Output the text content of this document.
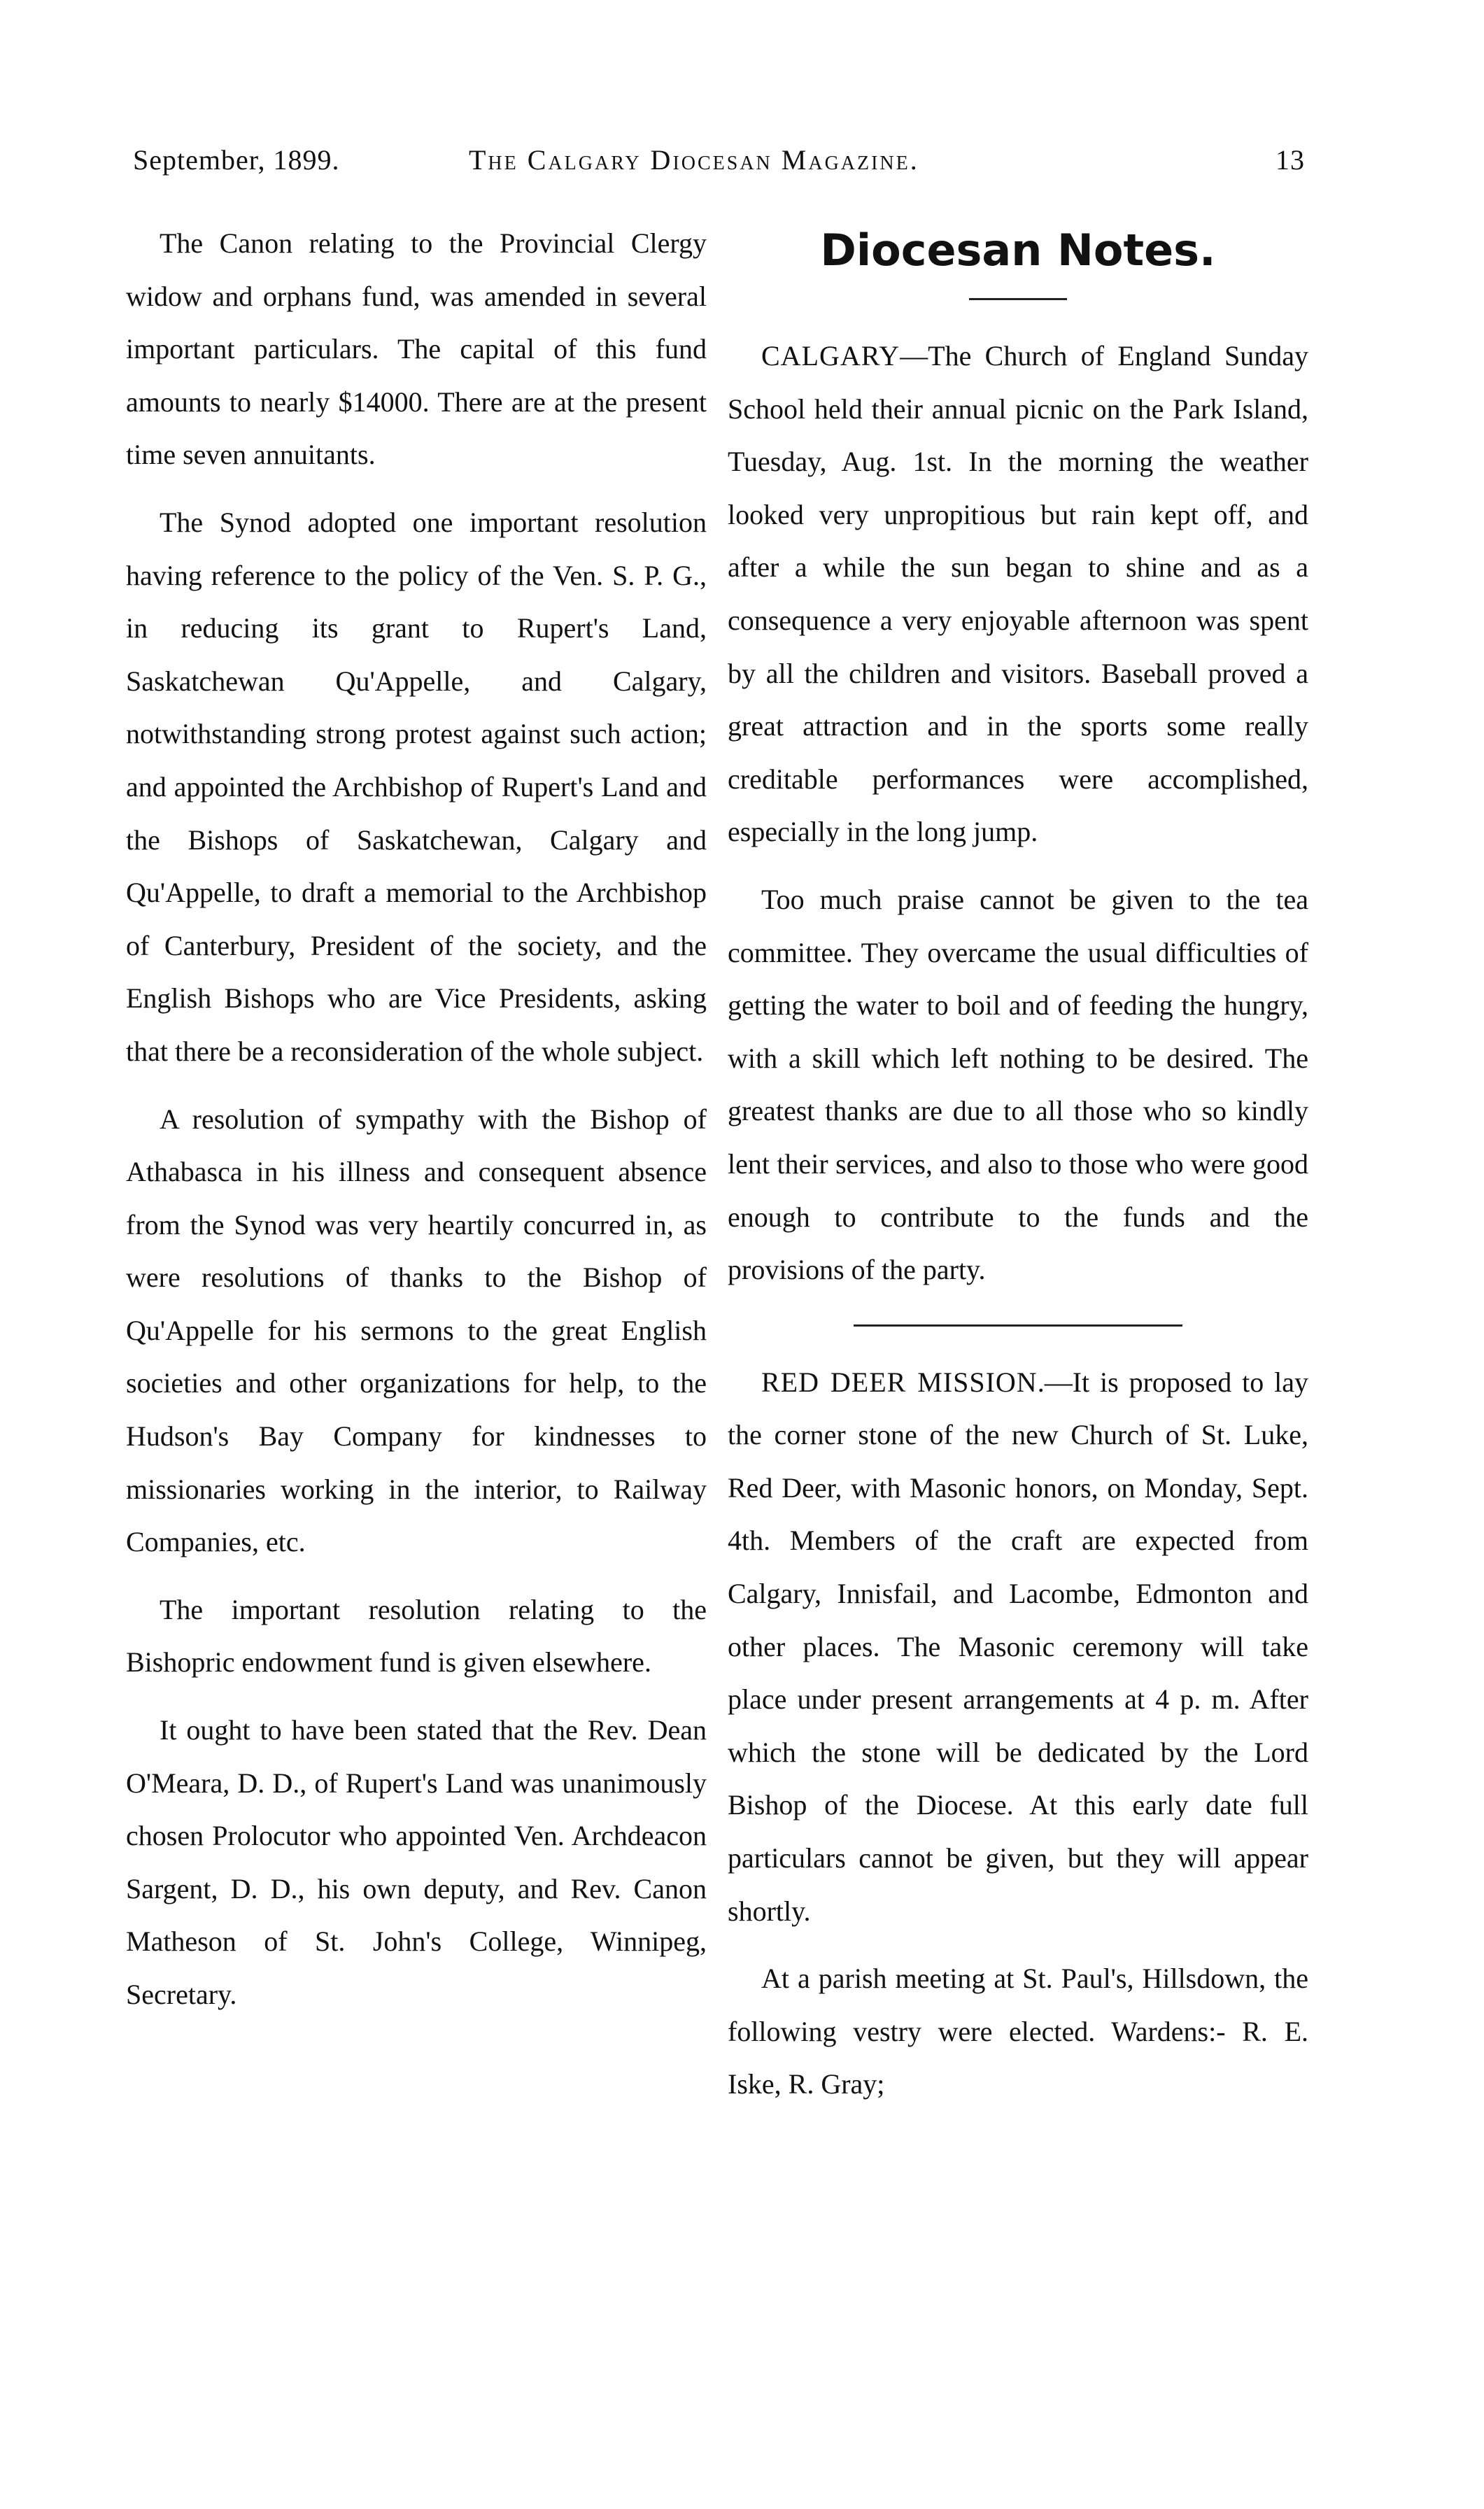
September, 1899.	The Calgary Diocesan Magazine.	13

The Canon relating to the Provincial Clergy widow and orphans fund, was amended in several important particulars. The capital of this fund amounts to nearly $14000. There are at the present time seven annuitants.

The Synod adopted one important resolution having reference to the policy of the Ven. S. P. G., in reducing its grant to Rupert's Land, Saskatchewan Qu'Appelle, and Calgary, notwithstanding strong protest against such action; and appointed the Archbishop of Rupert's Land and the Bishops of Saskatchewan, Calgary and Qu'Appelle, to draft a memorial to the Archbishop of Canterbury, President of the society, and the English Bishops who are Vice Presidents, asking that there be a reconsideration of the whole subject.

A resolution of sympathy with the Bishop of Athabasca in his illness and consequent absence from the Synod was very heartily concurred in, as were resolutions of thanks to the Bishop of Qu'Appelle for his sermons to the great English societies and other organizations for help, to the Hudson's Bay Company for kindnesses to missionaries working in the interior, to Railway Companies, etc.

The important resolution relating to the Bishopric endowment fund is given elsewhere.

It ought to have been stated that the Rev. Dean O'Meara, D. D., of Rupert's Land was unanimously chosen Prolocutor who appointed Ven. Archdeacon Sargent, D. D., his own deputy, and Rev. Canon Matheson of St. John's College, Winnipeg, Secretary.

Diocesan Notes.

CALGARY—The Church of England Sunday School held their annual picnic on the Park Island, Tuesday, Aug. 1st. In the morning the weather looked very unpropitious but rain kept off, and after a while the sun began to shine and as a consequence a very enjoyable afternoon was spent by all the children and visitors. Baseball proved a great attraction and in the sports some really creditable performances were accomplished, especially in the long jump.

Too much praise cannot be given to the tea committee. They overcame the usual difficulties of getting the water to boil and of feeding the hungry, with a skill which left nothing to be desired. The greatest thanks are due to all those who so kindly lent their services, and also to those who were good enough to contribute to the funds and the provisions of the party.

RED DEER MISSION.—It is proposed to lay the corner stone of the new Church of St. Luke, Red Deer, with Masonic honors, on Monday, Sept. 4th. Members of the craft are expected from Calgary, Innisfail, and Lacombe, Edmonton and other places. The Masonic ceremony will take place under present arrangements at 4 p. m. After which the stone will be dedicated by the Lord Bishop of the Diocese. At this early date full particulars cannot be given, but they will appear shortly.

At a parish meeting at St. Paul's, Hillsdown, the following vestry were elected. Wardens:- R. E. Iske, R. Gray;
